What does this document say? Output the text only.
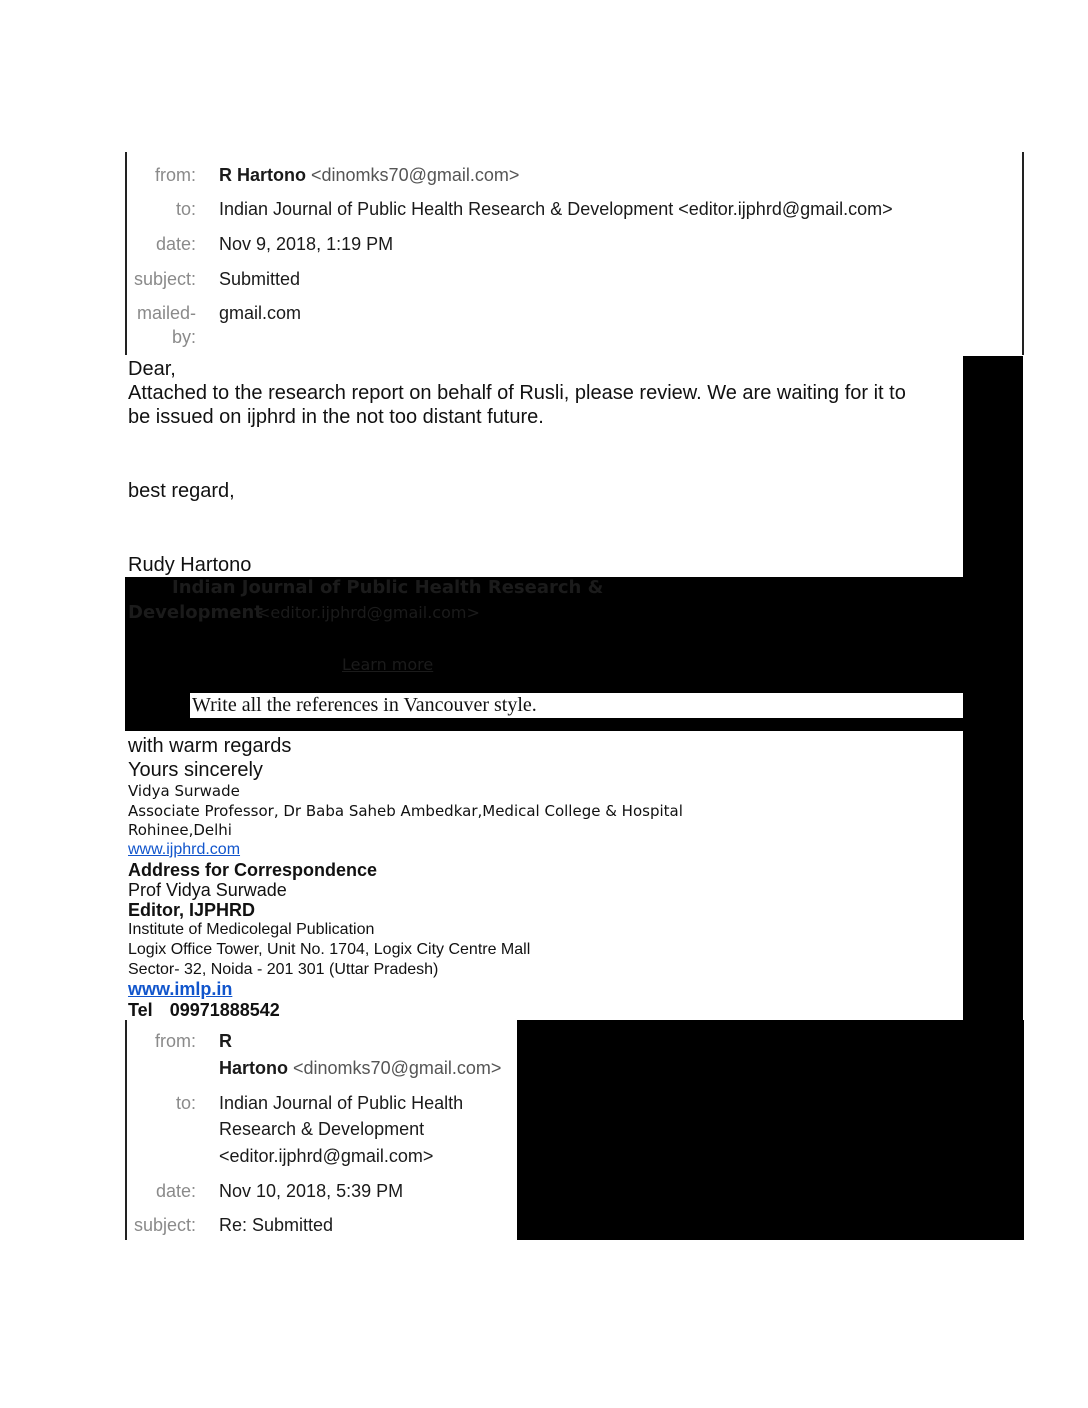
from: R Hartono <dinomks70@gmail.com>
to: Indian Journal of Public Health Research & Development <editor.ijphrd@gmail.com>
date: Nov 9, 2018, 1:19 PM
subject: Submitted
mailed-
by:
gmail.com
Dear,
Attached to the research report on behalf of Rusli, please review. We are waiting for it to
be issued on ijphrd in the not too distant future.
best regard,
Rudy Hartono
Indian Journal of Public Health Research &
Development
<editor.ijphrd@gmail.com>
Learn more
Write all the references in Vancouver style.
with warm regards
Yours sincerely
Vidya Surwade
Associate Professor, Dr Baba Saheb Ambedkar,Medical College & Hospital
Rohinee,Delhi
www.ijphrd.com
Address for Correspondence
Prof Vidya Surwade
Editor, IJPHRD
Institute of Medicolegal Publication
Logix Office Tower, Unit No. 1704, Logix City Centre Mall
Sector- 32, Noida - 201 301 (Uttar Pradesh)
www.imlp.in
Tel 09971888542
from: R
Hartono <dinomks70@gmail.com>
to: Indian Journal of Public Health
Research & Development
<editor.ijphrd@gmail.com>
date: Nov 10, 2018, 5:39 PM
subject: Re: Submitted
